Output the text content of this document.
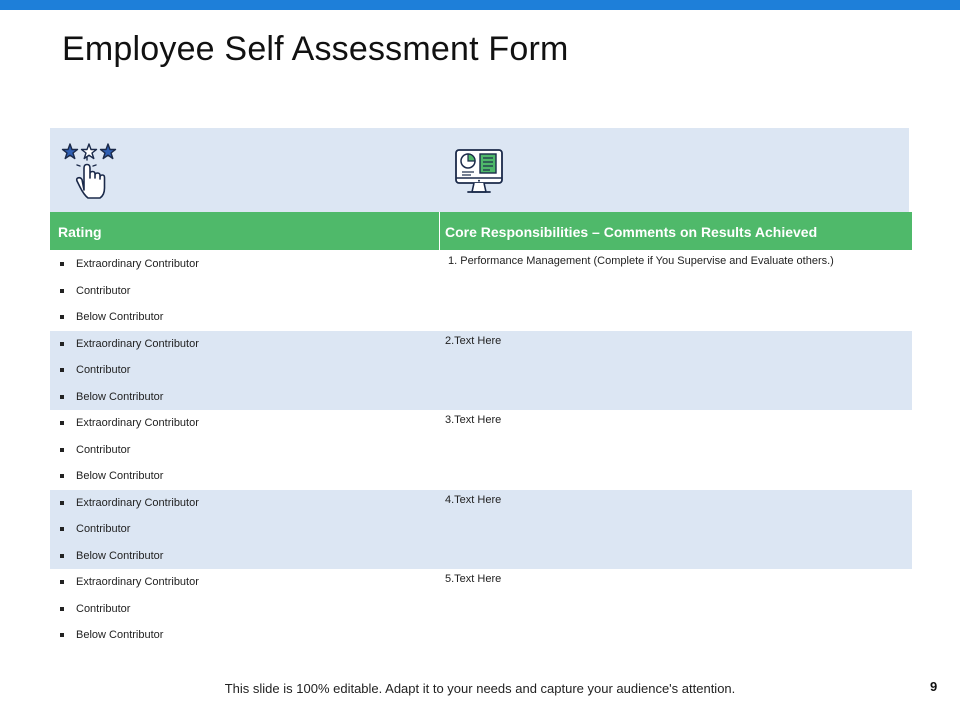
Employee Self Assessment Form
Rating	Core Responsibilities – Comments on Results Achieved
Extraordinary Contributor
Contributor
Below Contributor
1. Performance Management (Complete if You Supervise and Evaluate others.)
Extraordinary Contributor
Contributor
Below Contributor
2.Text Here
Extraordinary Contributor
Contributor
Below Contributor
3.Text Here
Extraordinary Contributor
Contributor
Below Contributor
4.Text Here
Extraordinary Contributor
Contributor
Below Contributor
5.Text Here
This slide is 100% editable. Adapt it to your needs and capture your audience's attention.	9
